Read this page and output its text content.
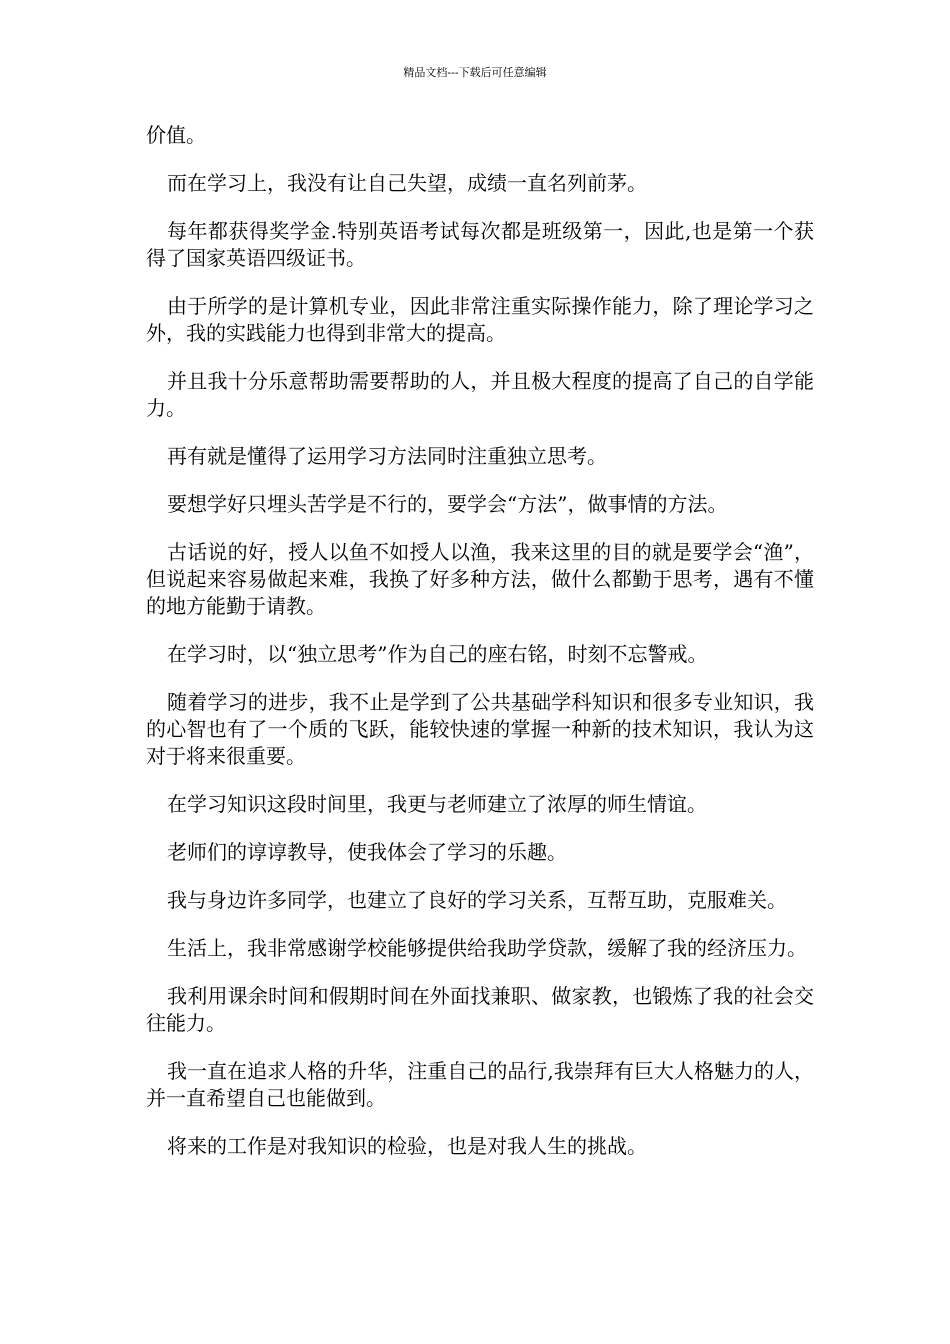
精品文档---下载后可任意编辑

价值。

而在学习上，我没有让自己失望，成绩一直名列前茅。

每年都获得奖学金.特别英语考试每次都是班级第一，因此,也是第一个获得了国家英语四级证书。

由于所学的是计算机专业，因此非常注重实际操作能力，除了理论学习之外，我的实践能力也得到非常大的提高。

并且我十分乐意帮助需要帮助的人，并且极大程度的提高了自己的自学能力。

再有就是懂得了运用学习方法同时注重独立思考。

要想学好只埋头苦学是不行的，要学会“方法”，做事情的方法。

古话说的好，授人以鱼不如授人以渔，我来这里的目的就是要学会“渔”，但说起来容易做起来难，我换了好多种方法，做什么都勤于思考，遇有不懂的地方能勤于请教。

在学习时，以“独立思考”作为自己的座右铭，时刻不忘警戒。

随着学习的进步，我不止是学到了公共基础学科知识和很多专业知识，我的心智也有了一个质的飞跃，能较快速的掌握一种新的技术知识，我认为这对于将来很重要。

在学习知识这段时间里，我更与老师建立了浓厚的师生情谊。

老师们的谆谆教导，使我体会了学习的乐趣。

我与身边许多同学，也建立了良好的学习关系，互帮互助，克服难关。

生活上，我非常感谢学校能够提供给我助学贷款，缓解了我的经济压力。

我利用课余时间和假期时间在外面找兼职、做家教，也锻炼了我的社会交往能力。

我一直在追求人格的升华，注重自己的品行,我崇拜有巨大人格魅力的人，并一直希望自己也能做到。

将来的工作是对我知识的检验，也是对我人生的挑战。
